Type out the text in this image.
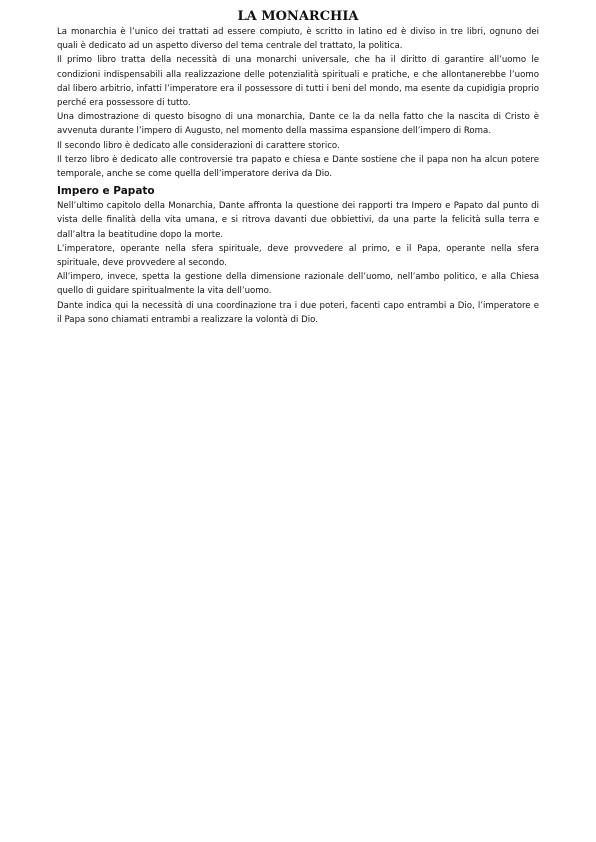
LA MONARCHIA

La monarchia è l’unico dei trattati ad essere compiuto, è scritto in latino ed è diviso in tre libri, ognuno dei quali è dedicato ad un aspetto diverso del tema centrale del trattato, la politica.

Il primo libro tratta della necessità di una monarchi universale, che ha il diritto di garantire all’uomo le condizioni indispensabili alla realizzazione delle potenzialità spirituali e pratiche, e che allontanerebbe l’uomo dal libero arbitrio, infatti l’imperatore era il possessore di tutti i beni del mondo, ma esente da cupidigia proprio perché era possessore di tutto.

Una dimostrazione di questo bisogno di una monarchia, Dante ce la da nella fatto che la nascita di Cristo è avvenuta durante l’impero di Augusto, nel momento della massima espansione dell’impero di Roma.

Il secondo libro è dedicato alle considerazioni di carattere storico.

Il terzo libro è dedicato alle controversie tra papato e chiesa e Dante sostiene che il papa non ha alcun potere temporale, anche se come quella dell’imperatore deriva da Dio.

Impero e Papato

Nell’ultimo capitolo della Monarchia, Dante affronta la questione dei rapporti tra Impero e Papato dal punto di vista delle finalità della vita umana, e si ritrova davanti due obbiettivi, da una parte la felicità sulla terra e dall’altra la beatitudine dopo la morte.

L’imperatore, operante nella sfera spirituale, deve provvedere al primo, e il Papa, operante nella sfera spirituale, deve provvedere al secondo.

All’impero, invece, spetta la gestione della dimensione razionale dell’uomo, nell’ambo politico, e alla Chiesa quello di guidare spiritualmente la vita dell’uomo.

Dante indica qui la necessità di una coordinazione tra i due poteri, facenti capo entrambi a Dio, l’imperatore e il Papa sono chiamati entrambi a realizzare la volontà di Dio.
